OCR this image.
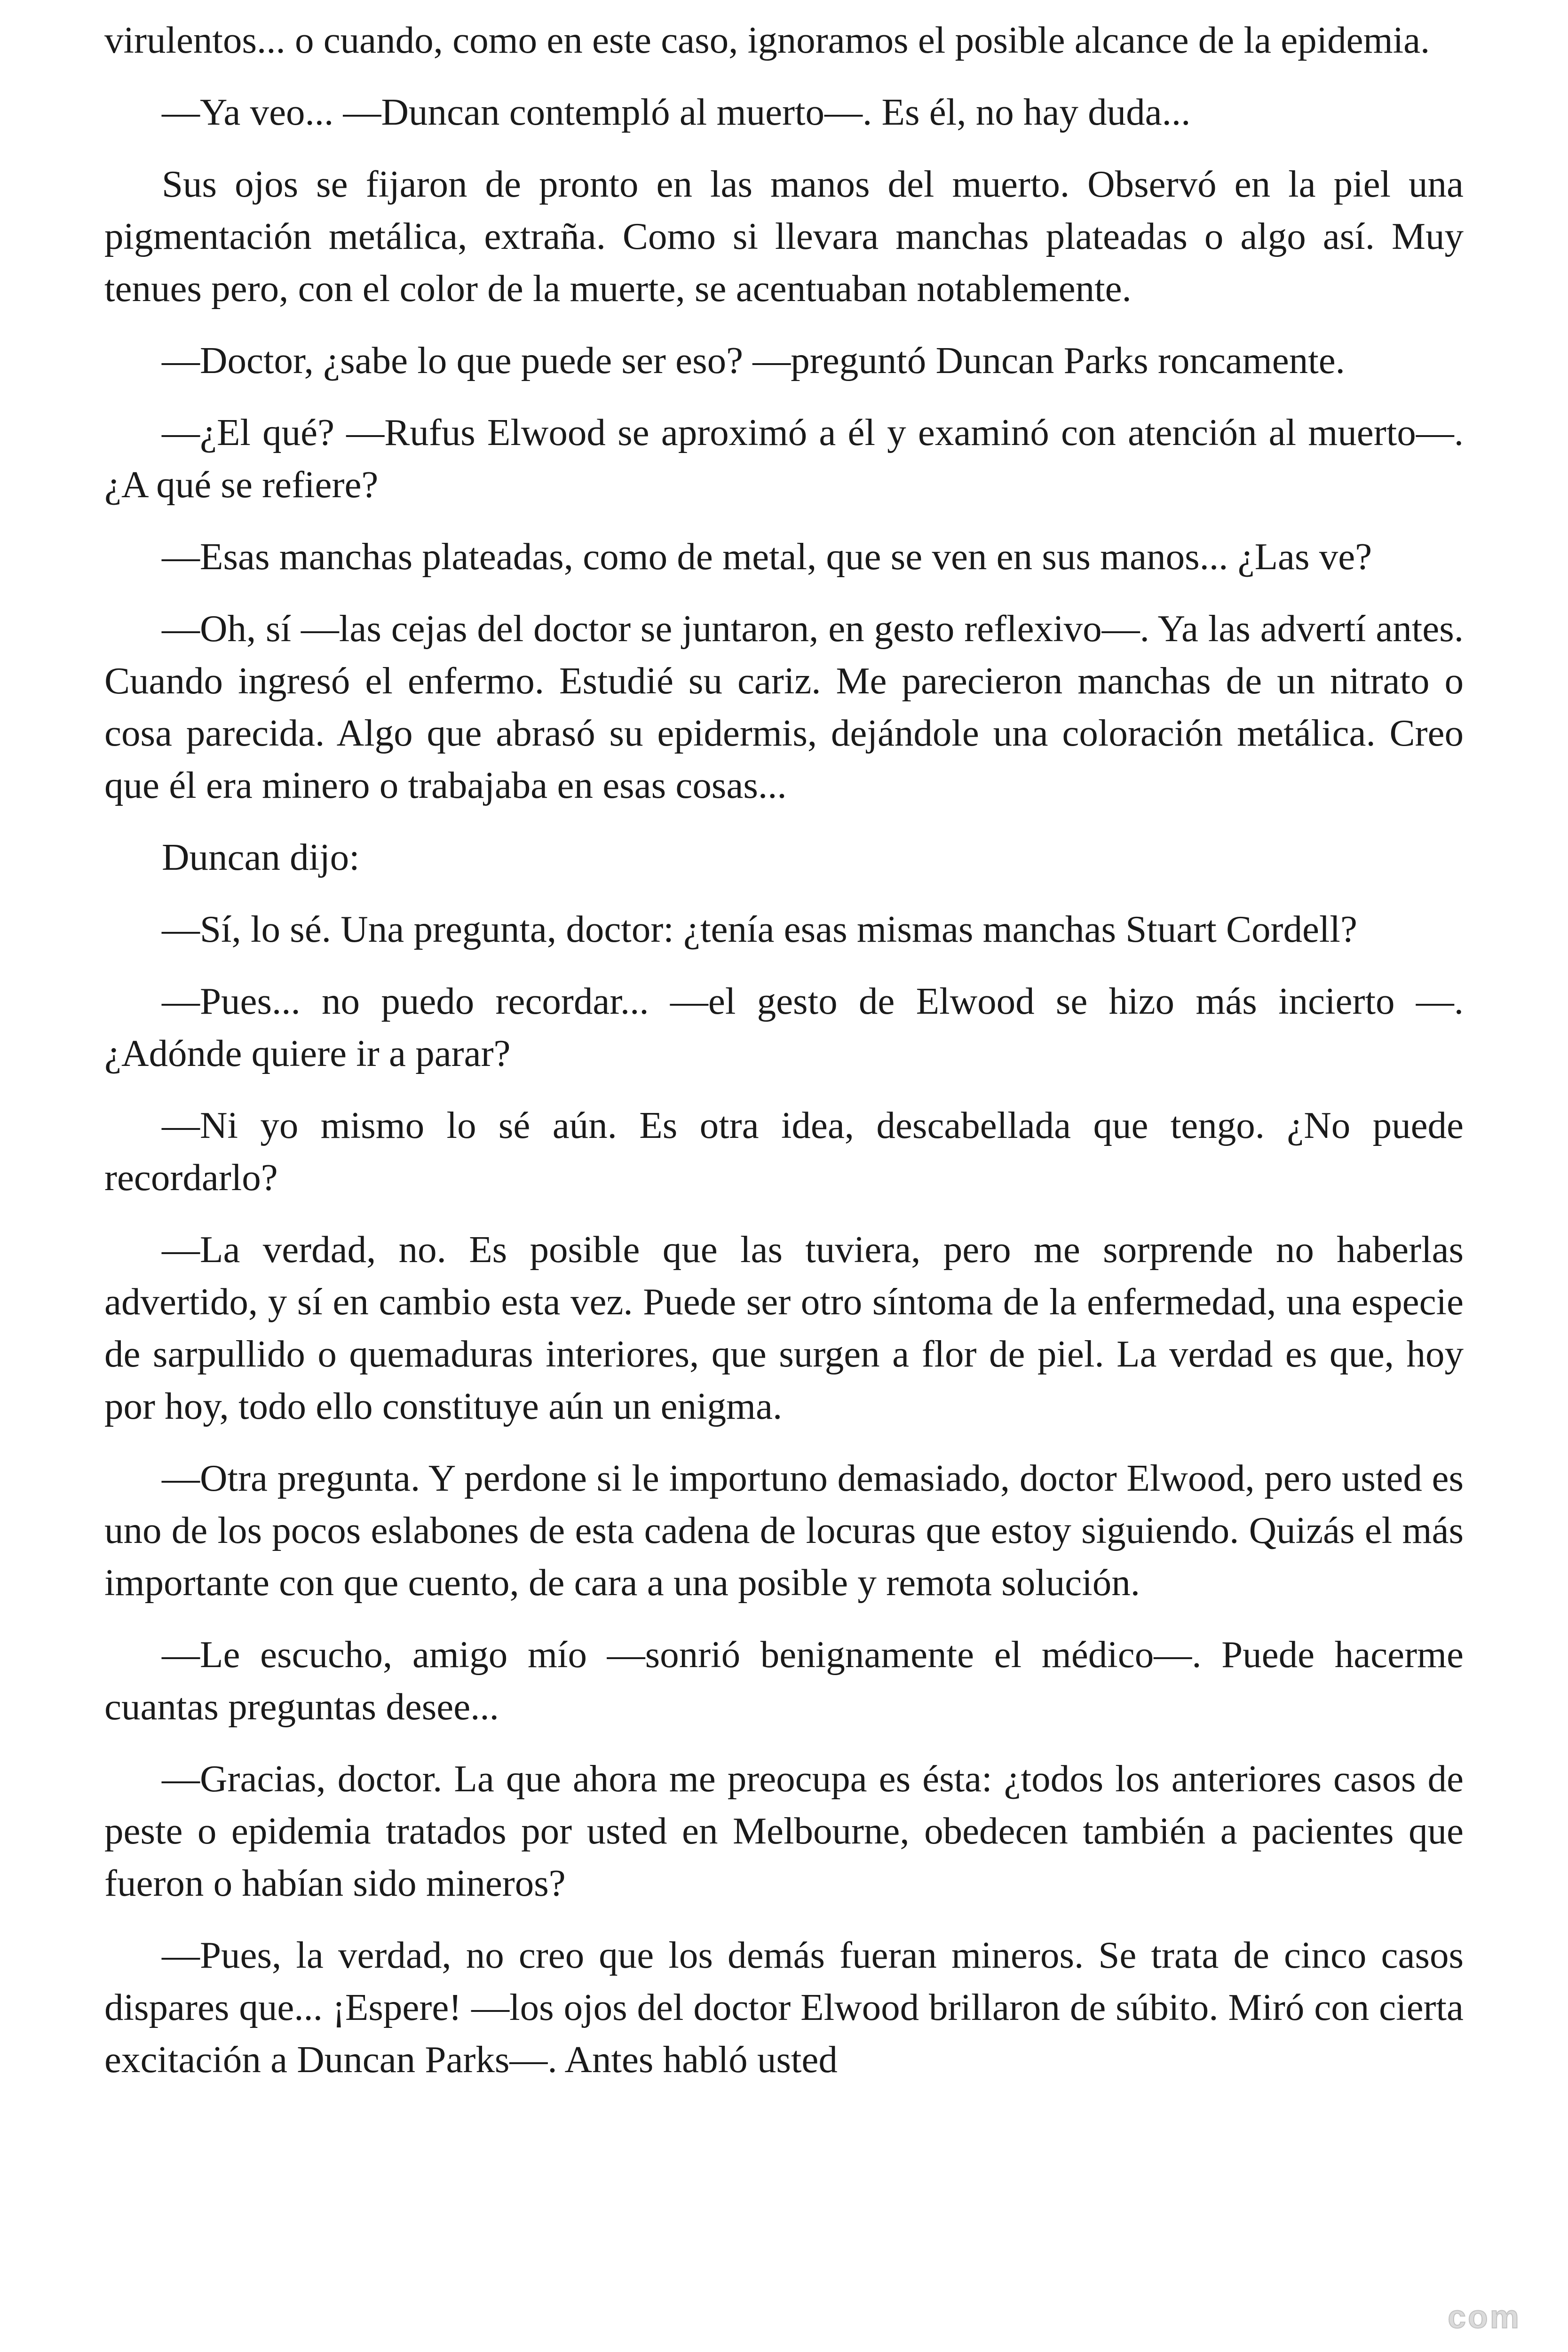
virulentos... o cuando, como en este caso, ignoramos el posible alcance de la epidemia.

—Ya veo... —Duncan contempló al muerto—. Es él, no hay duda...

Sus ojos se fijaron de pronto en las manos del muerto. Observó en la piel una pigmentación metálica, extraña. Como si llevara manchas plateadas o algo así. Muy tenues pero, con el color de la muerte, se acentuaban notablemente.

—Doctor, ¿sabe lo que puede ser eso? —preguntó Duncan Parks roncamente.

—¿El qué? —Rufus Elwood se aproximó a él y examinó con atención al muerto—. ¿A qué se refiere?

—Esas manchas plateadas, como de metal, que se ven en sus manos... ¿Las ve?

—Oh, sí —las cejas del doctor se juntaron, en gesto reflexivo—. Ya las advertí antes. Cuando ingresó el enfermo. Estudié su cariz. Me parecieron manchas de un nitrato o cosa parecida. Algo que abrasó su epidermis, dejándole una coloración metálica. Creo que él era minero o trabajaba en esas cosas...

Duncan dijo:

—Sí, lo sé. Una pregunta, doctor: ¿tenía esas mismas manchas Stuart Cordell?

—Pues... no puedo recordar... —el gesto de Elwood se hizo más incierto —. ¿Adónde quiere ir a parar?

—Ni yo mismo lo sé aún. Es otra idea, descabellada que tengo. ¿No puede recordarlo?

—La verdad, no. Es posible que las tuviera, pero me sorprende no haberlas advertido, y sí en cambio esta vez. Puede ser otro síntoma de la enfermedad, una especie de sarpullido o quemaduras interiores, que surgen a flor de piel. La verdad es que, hoy por hoy, todo ello constituye aún un enigma.

—Otra pregunta. Y perdone si le importuno demasiado, doctor Elwood, pero usted es uno de los pocos eslabones de esta cadena de locuras que estoy siguiendo. Quizás el más importante con que cuento, de cara a una posible y remota solución.

—Le escucho, amigo mío —sonrió benignamente el médico—. Puede hacerme cuantas preguntas desee...

—Gracias, doctor. La que ahora me preocupa es ésta: ¿todos los anteriores casos de peste o epidemia tratados por usted en Melbourne, obedecen también a pacientes que fueron o habían sido mineros?

—Pues, la verdad, no creo que los demás fueran mineros. Se trata de cinco casos dispares que... ¡Espere! —los ojos del doctor Elwood brillaron de súbito. Miró con cierta excitación a Duncan Parks—. Antes habló usted

com
